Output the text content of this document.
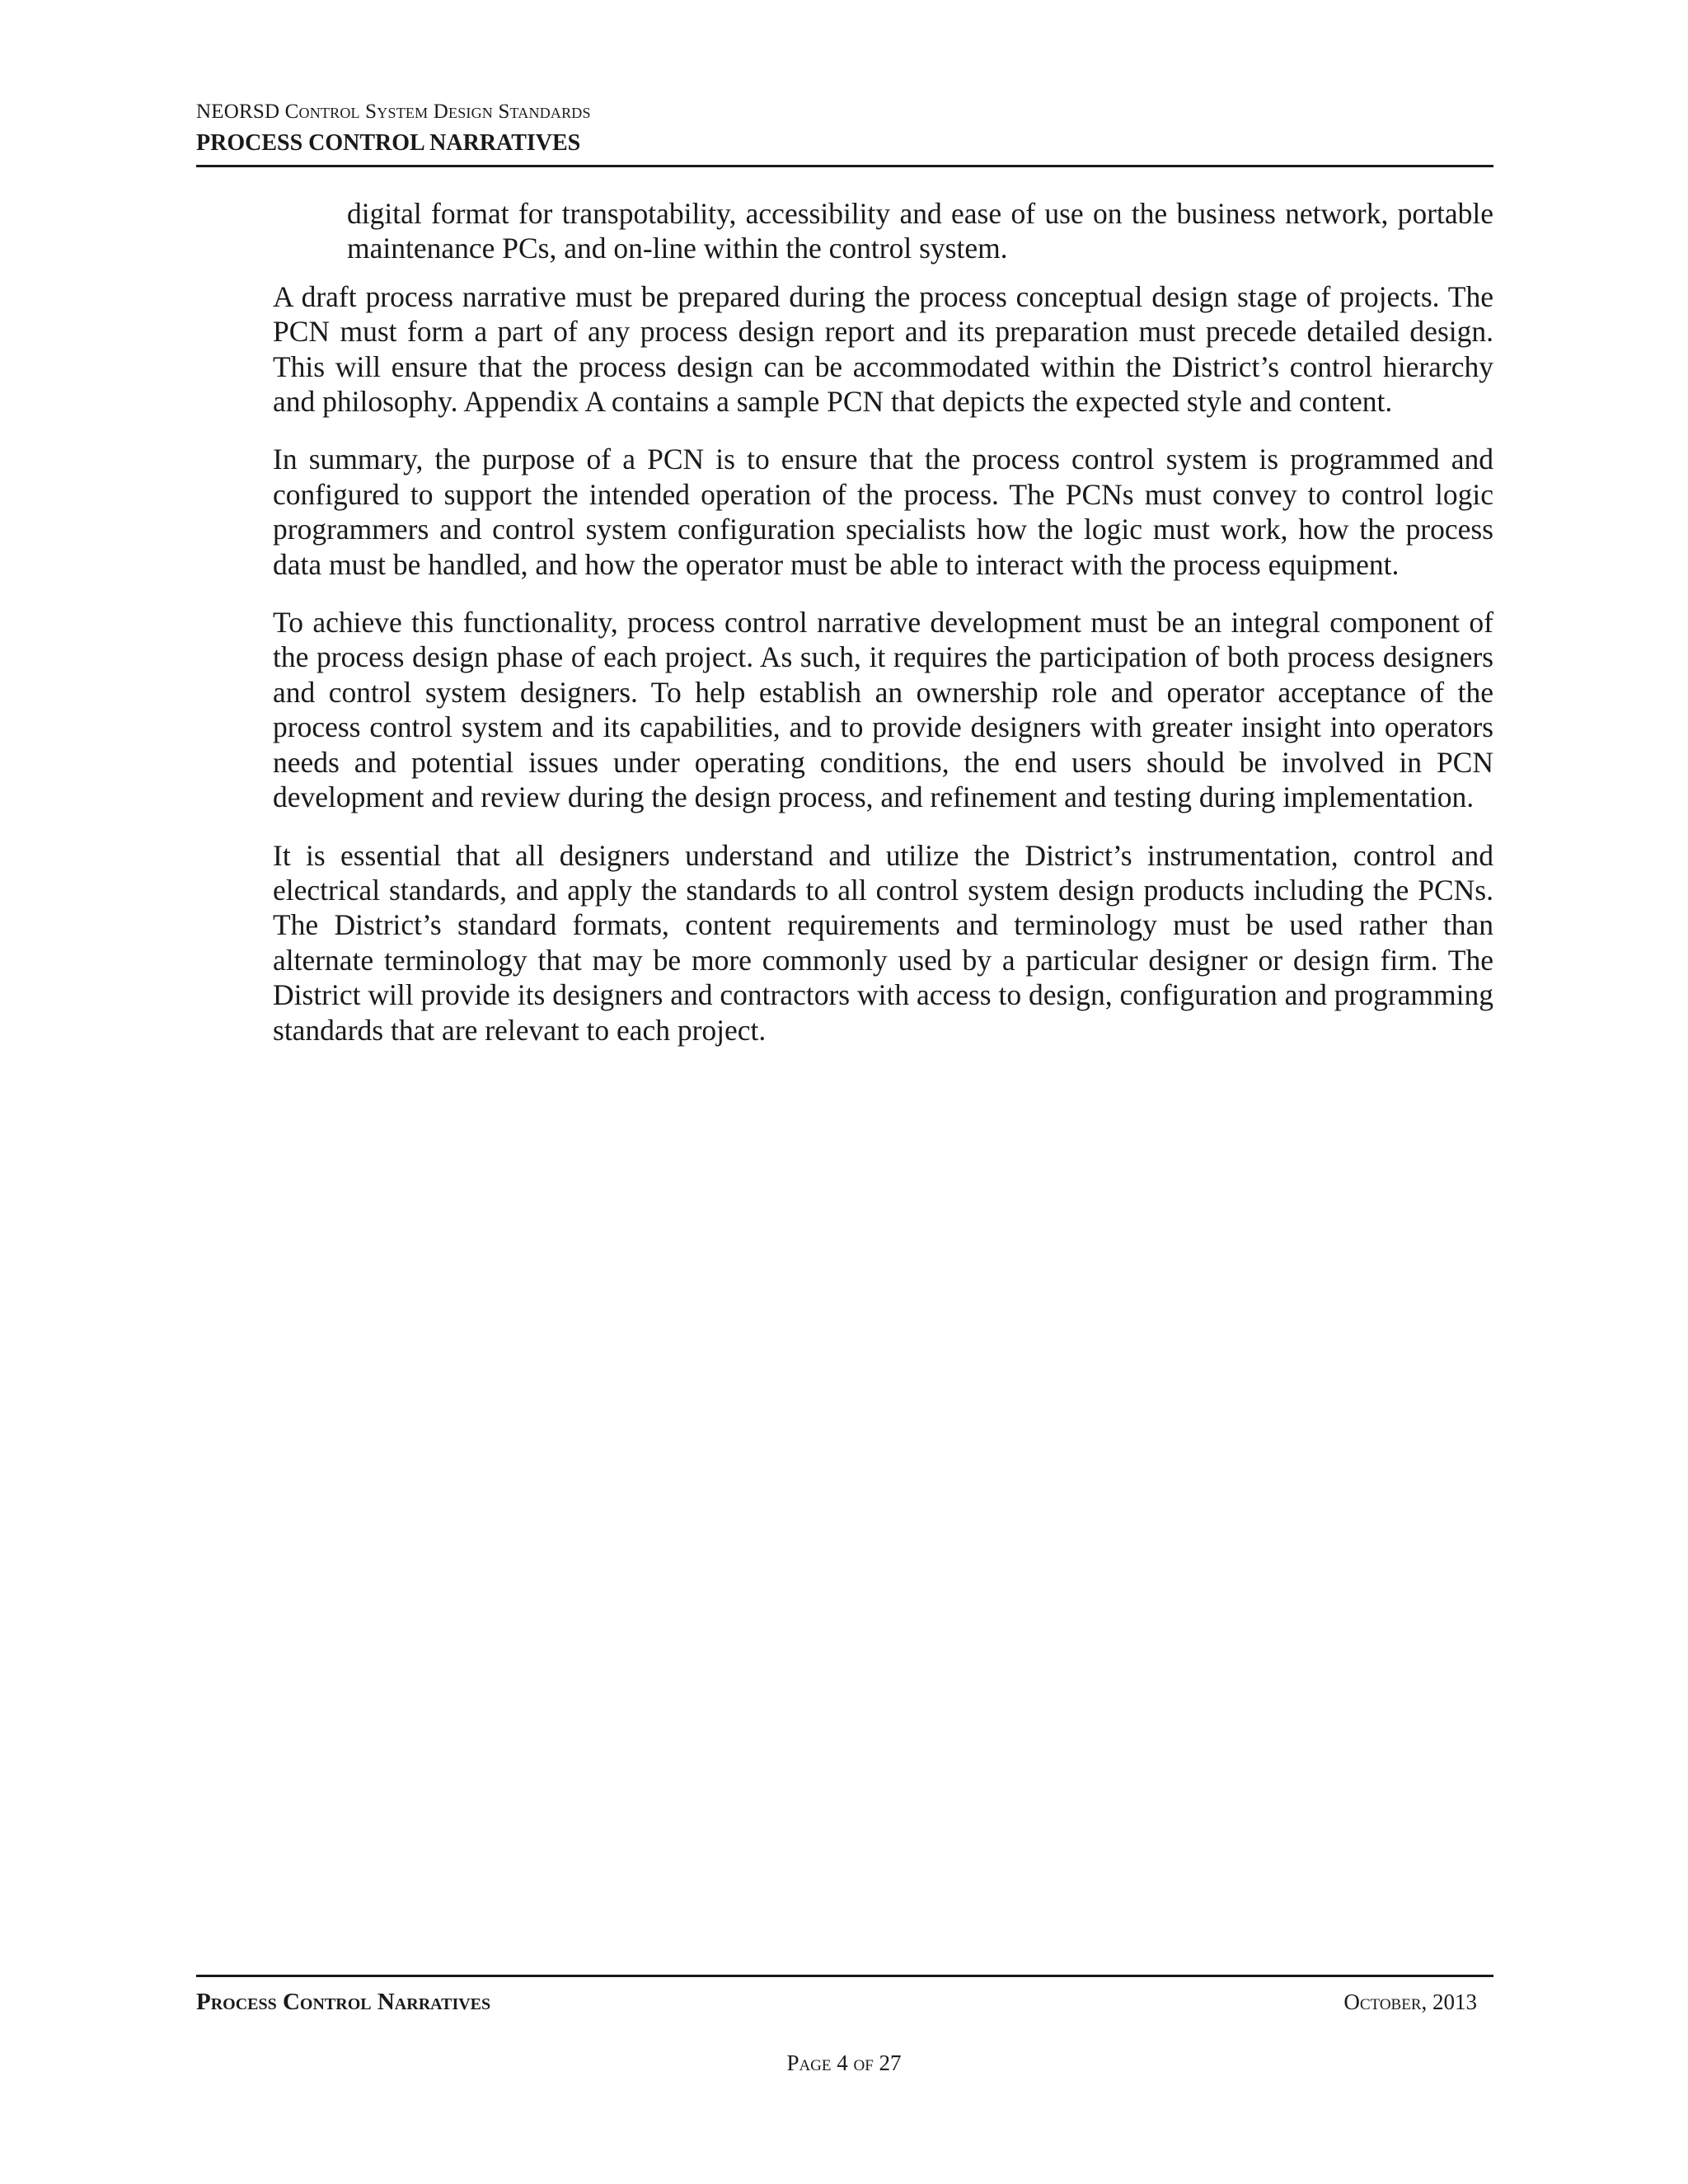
NEORSD Control System Design Standards
PROCESS CONTROL NARRATIVES

digital format for transpotability, accessibility and ease of use on the business network, portable maintenance PCs, and on-line within the control system.

A draft process narrative must be prepared during the process conceptual design stage of projects. The PCN must form a part of any process design report and its preparation must precede detailed design. This will ensure that the process design can be accommodated within the District’s control hierarchy and philosophy. Appendix A contains a sample PCN that depicts the expected style and content.

In summary, the purpose of a PCN is to ensure that the process control system is programmed and configured to support the intended operation of the process. The PCNs must convey to control logic programmers and control system configuration specialists how the logic must work, how the process data must be handled, and how the operator must be able to interact with the process equipment.

To achieve this functionality, process control narrative development must be an integral component of the process design phase of each project. As such, it requires the participation of both process designers and control system designers. To help establish an ownership role and operator acceptance of the process control system and its capabilities, and to provide designers with greater insight into operators needs and potential issues under operating conditions, the end users should be involved in PCN development and review during the design process, and refinement and testing during implementation.

It is essential that all designers understand and utilize the District’s instrumentation, control and electrical standards, and apply the standards to all control system design products including the PCNs. The District’s standard formats, content requirements and terminology must be used rather than alternate terminology that may be more commonly used by a particular designer or design firm. The District will provide its designers and contractors with access to design, configuration and programming standards that are relevant to each project.

Process Control Narratives	October, 2013
Page 4 of 27
